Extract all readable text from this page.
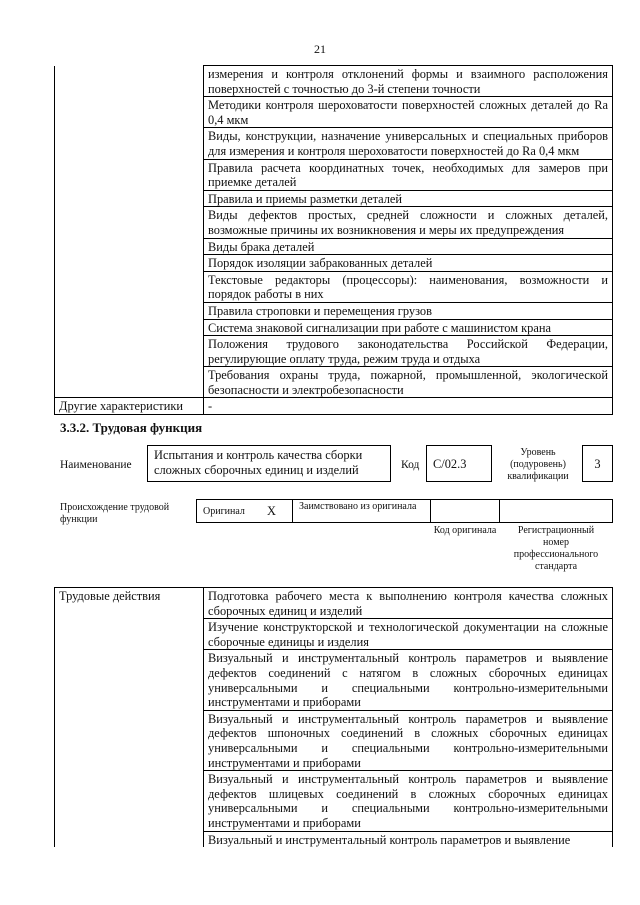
21
	измерения и контроля отклонений формы и взаимного расположения поверхностей с точностью до 3-й степени точности
	Методики контроля шероховатости поверхностей сложных деталей до Ra 0,4 мкм
	Виды, конструкции, назначение универсальных и специальных приборов для измерения и контроля шероховатости поверхностей до Ra 0,4 мкм
	Правила расчета координатных точек, необходимых для замеров при приемке деталей
	Правила и приемы разметки деталей
	Виды дефектов простых, средней сложности и сложных деталей, возможные причины их возникновения и меры их предупреждения
	Виды брака деталей
	Порядок изоляции забракованных деталей
	Текстовые редакторы (процессоры): наименования, возможности и порядок работы в них
	Правила строповки и перемещения грузов
	Система знаковой сигнализации при работе с машинистом крана
	Положения трудового законодательства Российской Федерации, регулирующие оплату труда, режим труда и отдыха
	Требования охраны труда, пожарной, промышленной, экологической безопасности и электробезопасности
Другие характеристики	-
3.3.2. Трудовая функция
Наименование
Испытания и контроль качества сборки сложных сборочных единиц и изделий	Код	C/02.3
Уровень (подуровень) квалификации
3
Происхождение трудовой функции
Оригинал X Заимствовано из оригинала
Код оригинала	Регистрационный номер профессионального стандарта
Трудовые действия	Подготовка рабочего места к выполнению контроля качества сложных сборочных единиц и изделий
Изучение конструкторской и технологической документации на сложные сборочные единицы и изделия
Визуальный и инструментальный контроль параметров и выявление дефектов соединений с натягом в сложных сборочных единицах универсальными и специальными контрольно-измерительными инструментами и приборами
Визуальный и инструментальный контроль параметров и выявление дефектов шпоночных соединений в сложных сборочных единицах универсальными и специальными контрольно-измерительными инструментами и приборами
Визуальный и инструментальный контроль параметров и выявление дефектов шлицевых соединений в сложных сборочных единицах универсальными и специальными контрольно-измерительными инструментами и приборами
Визуальный и инструментальный контроль параметров и выявление
